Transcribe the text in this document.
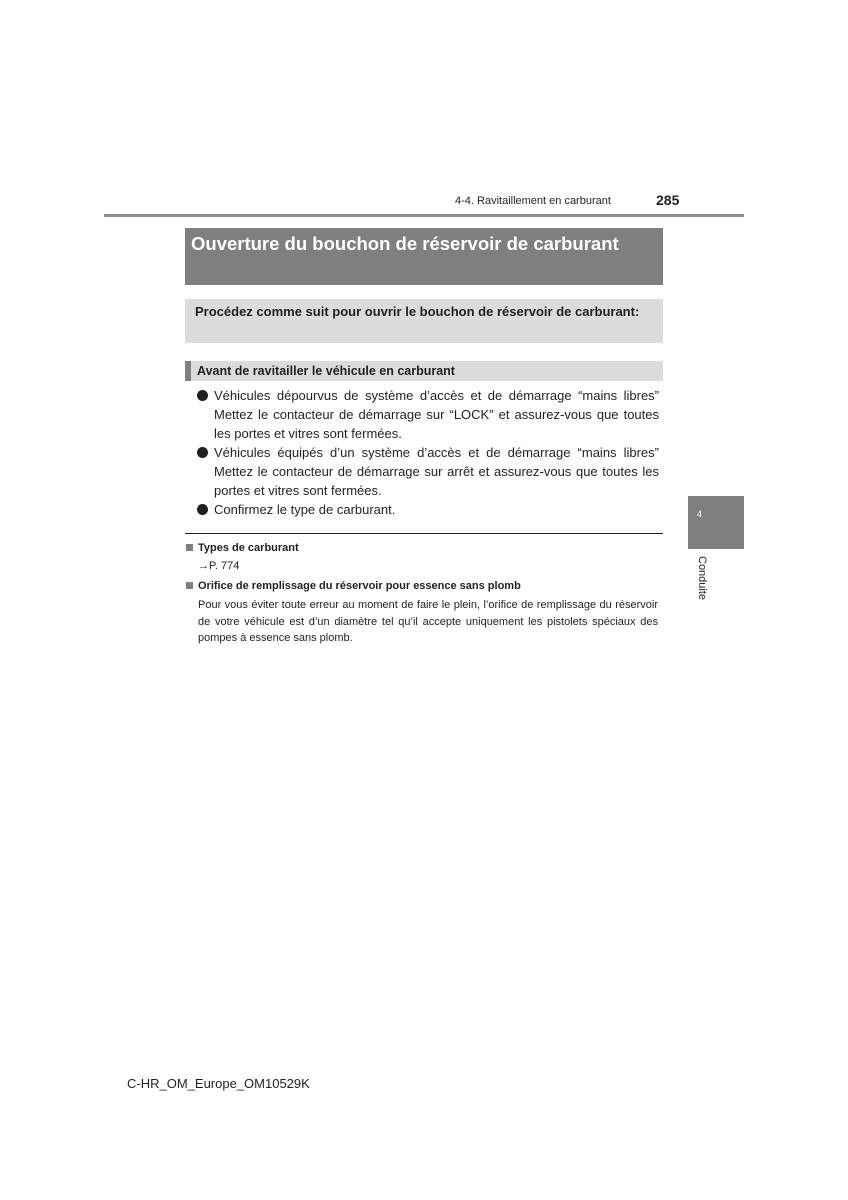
4-4. Ravitaillement en carburant	285
Ouverture du bouchon de réservoir de carburant
Procédez comme suit pour ouvrir le bouchon de réservoir de carburant:
Avant de ravitailler le véhicule en carburant
Véhicules dépourvus de système d’accès et de démarrage “mains libres” Mettez le contacteur de démarrage sur “LOCK” et assurez-vous que toutes les portes et vitres sont fermées.
Véhicules équipés d’un système d’accès et de démarrage “mains libres” Mettez le contacteur de démarrage sur arrêt et assurez-vous que toutes les portes et vitres sont fermées.
Confirmez le type de carburant.
Types de carburant
→P. 774
Orifice de remplissage du réservoir pour essence sans plomb
Pour vous éviter toute erreur au moment de faire le plein, l’orifice de remplissage du réservoir de votre véhicule est d’un diamètre tel qu’il accepte uniquement les pistolets spéciaux des pompes à essence sans plomb.
4
Conduite
C-HR_OM_Europe_OM10529K
